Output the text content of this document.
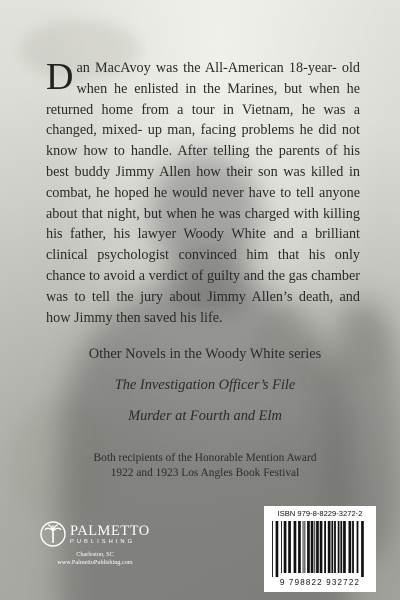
Dan MacAvoy was the All-American 18-year- old when he enlisted in the Marines, but when he returned home from a tour in Vietnam, he was a changed, mixed- up man, facing problems he did not know how to handle. After telling the parents of his best buddy Jimmy Allen how their son was killed in combat, he hoped he would never have to tell anyone about that night, but when he was charged with killing his father, his lawyer Woody White and a brilliant clinical psychologist convinced him that his only chance to avoid a verdict of guilty and the gas chamber was to tell the jury about Jimmy Allen’s death, and how Jimmy then saved his life.

Other Novels in the Woody White series
The Investigation Officer’s File
Murder at Fourth and Elm
Both recipients of the Honorable Mention Award
1922 and 1923 Los Angles Book Festival
PALMETTO
PUBLISHING
Charleston, SC
www.PalmettoPublishing.com
ISBN 979-8-8229-3272-2
9 798822 932722
